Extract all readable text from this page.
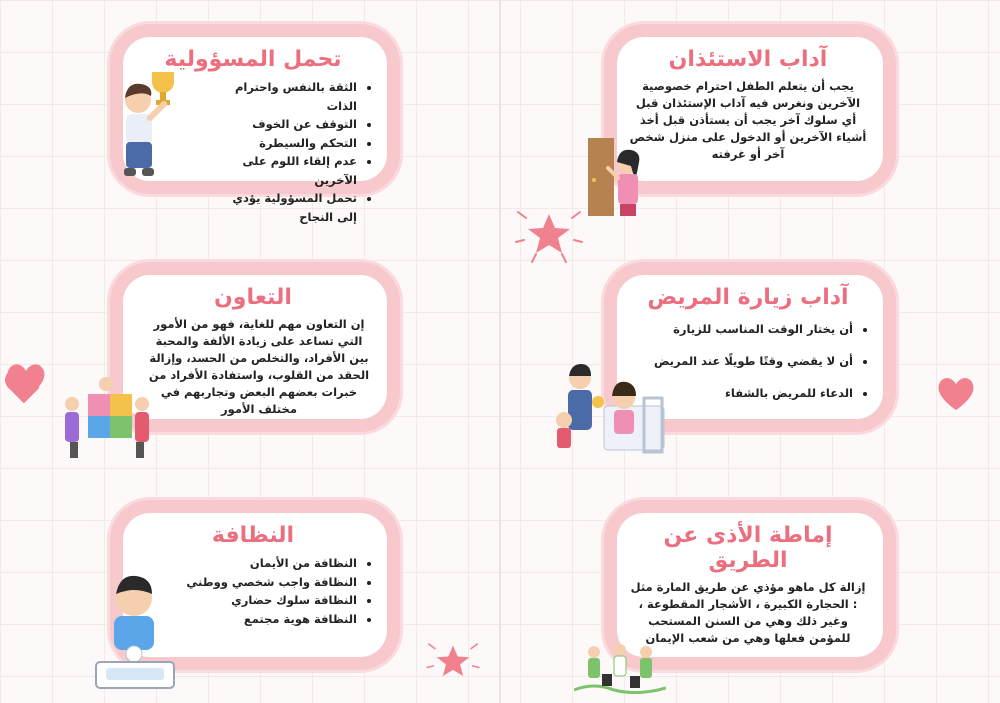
تحمل المسؤولية
• الثقة بالنفس واحترام الذات
• التوقف عن الخوف
• التحكم والسيطرة
• عدم إلقاء اللوم على الآخرين
• تحمل المسؤولية يؤدي إلى النجاح
آداب الاستئذان

يجب أن يتعلم الطفل احترام خصوصية الآخرين ونغرس فيه آداب الإستئذان قبل أي سلوك آخر يجب أن يستأذن قبل أخذ أشياء الآخرين أو الدخول على منزل شخص آخر أو غرفته

التعاون

إن التعاون مهم للغاية، فهو من الأمور التي تساعد على زيادة الألفة والمحبة بين الأفراد، والتخلص من الحسد، وإزالة الحقد من القلوب، واستفادة الأفراد من خبرات بعضهم البعض وتجاربهم في مختلف الأمور

آداب زيارة المريض
• أن يختار الوقت المناسب للزيارة
• أن لا يقضي وقتًا طويلًا عند المريض
• الدعاء للمريض بالشفاء
النظافة
• النظافة من الأيمان
• النظافة واجب شخصي ووطني
• النظافة سلوك حضاري
• النظافة هوية مجتمع
إماطة الأذى عن الطريق

إزالة كل ماهو مؤذي عن طريق المارة مثل : الحجارة الكبيرة ، الأشجار المقطوعة ، وغير ذلك وهي من السنن المستحب للمؤمن فعلها وهي من شعب الإيمان
